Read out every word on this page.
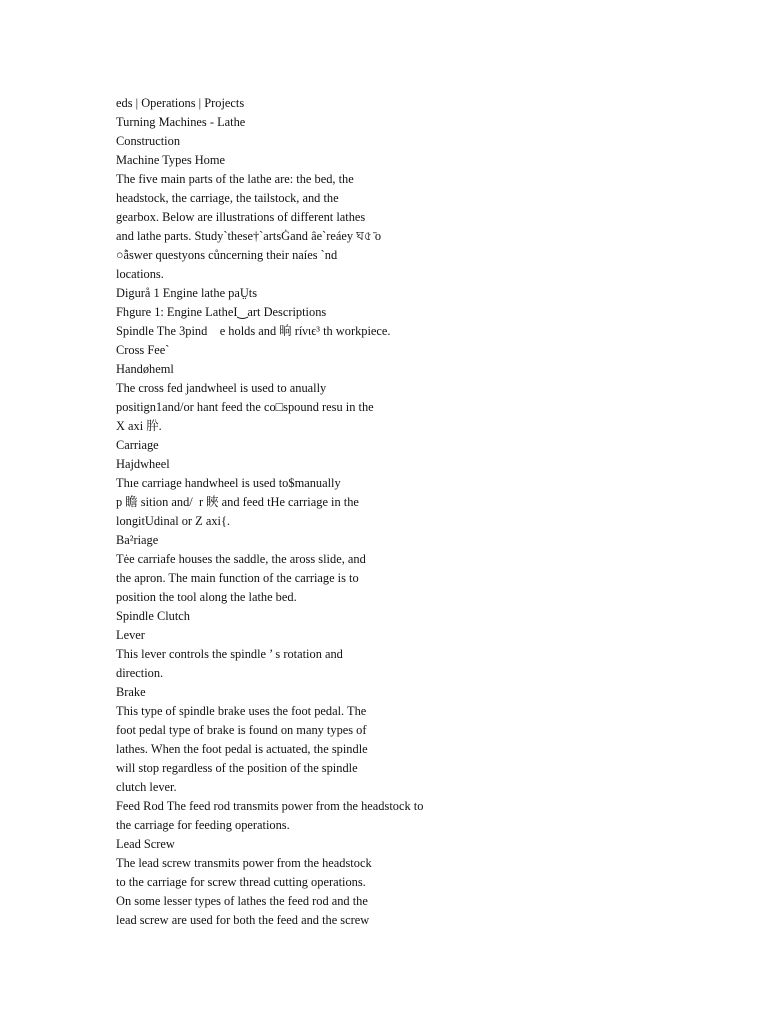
eds | Operations | Projects
Turning Machines - Lathe
Construction
Machine Types Home
The five main parts of the lathe are: the bed, the
headstock, the carriage, the tailstock, and the
gearbox. Below are illustrations of different lathes
and lathe parts. Study`these†`artsĠand âe`reáey ঘ৫ ̄o
○ẫswer questyons cůncerning their naíes `nd
locations.
Digurå 1 Engine lathe paṲts
Fhgure 1: Engine LatheI‿art Descriptions
Spindle The 3pind    e holds and 晌 ríνιϵ³ th workpiece.
Cross Fee`
Handøheml
The cross fed jandwheel is used to anually
positign1and/or hant feed the co□spound resu in the
X axi 肸.
Carriage
Hajdwheel
Thıe carriage handwheel is used to$manually
p 瞻 sition and/  r 䀹 and feed tHe carriage in the
longitUdinal or Z axi{.
Ba²riage
Tėe carriafe houses the saddle, the aross slide, and
the apron. The main function of the carriage is to
position the tool along the lathe bed.
Spindle Clutch
Lever
This lever controls the spindle ’ s rotation and
direction.
Brake
This type of spindle brake uses the foot pedal. The
foot pedal type of brake is found on many types of
lathes. When the foot pedal is actuated, the spindle
will stop regardless of the position of the spindle
clutch lever.
Feed Rod The feed rod transmits power from the headstock to
the carriage for feeding operations.
Lead Screw
The lead screw transmits power from the headstock
to the carriage for screw thread cutting operations.
On some lesser types of lathes the feed rod and the
lead screw are used for both the feed and the screw
